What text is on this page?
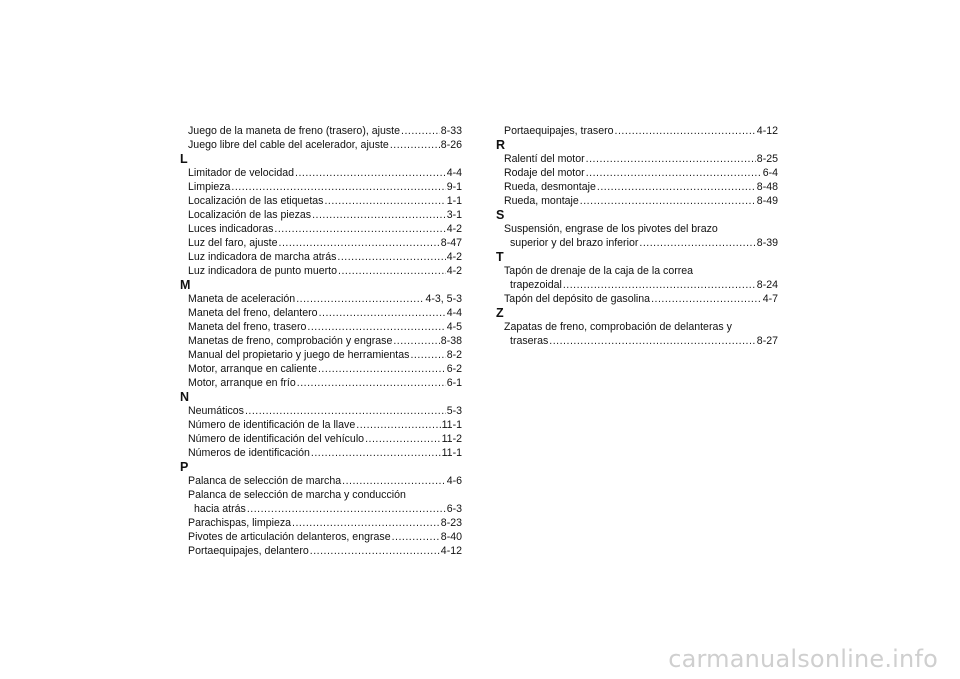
Juego de la maneta de freno (trasero), ajuste .....	8-33
Juego libre del cable del acelerador, ajuste .....	8-26
L
Limitador de velocidad .....	4-4
Limpieza .....	9-1
Localización de las etiquetas .....	1-1
Localización de las piezas .....	3-1
Luces indicadoras .....	4-2
Luz del faro, ajuste .....	8-47
Luz indicadora de marcha atrás .....	4-2
Luz indicadora de punto muerto .....	4-2
M
Maneta de aceleración .....	4-3, 5-3
Maneta del freno, delantero .....	4-4
Maneta del freno, trasero .....	4-5
Manetas de freno, comprobación y engrase .....	8-38
Manual del propietario y juego de herramientas .....	8-2
Motor, arranque en caliente .....	6-2
Motor, arranque en frío .....	6-1
N
Neumáticos .....	5-3
Número de identificación de la llave .....	11-1
Número de identificación del vehículo .....	11-2
Números de identificación .....	11-1
P
Palanca de selección de marcha .....	4-6
Palanca de selección de marcha y conducción
hacia atrás .....	6-3
Parachispas, limpieza .....	8-23
Pivotes de articulación delanteros, engrase .....	8-40
Portaequipajes, delantero .....	4-12
Portaequipajes, trasero .....	4-12
R
Ralentí del motor .....	8-25
Rodaje del motor .....	6-4
Rueda, desmontaje .....	8-48
Rueda, montaje .....	8-49
S
Suspensión, engrase de los pivotes del brazo
superior y del brazo inferior .....	8-39
T
Tapón de drenaje de la caja de la correa
trapezoidal .....	8-24
Tapón del depósito de gasolina .....	4-7
Z
Zapatas de freno, comprobación de delanteras y
traseras .....	8-27
carmanualsonline.info
